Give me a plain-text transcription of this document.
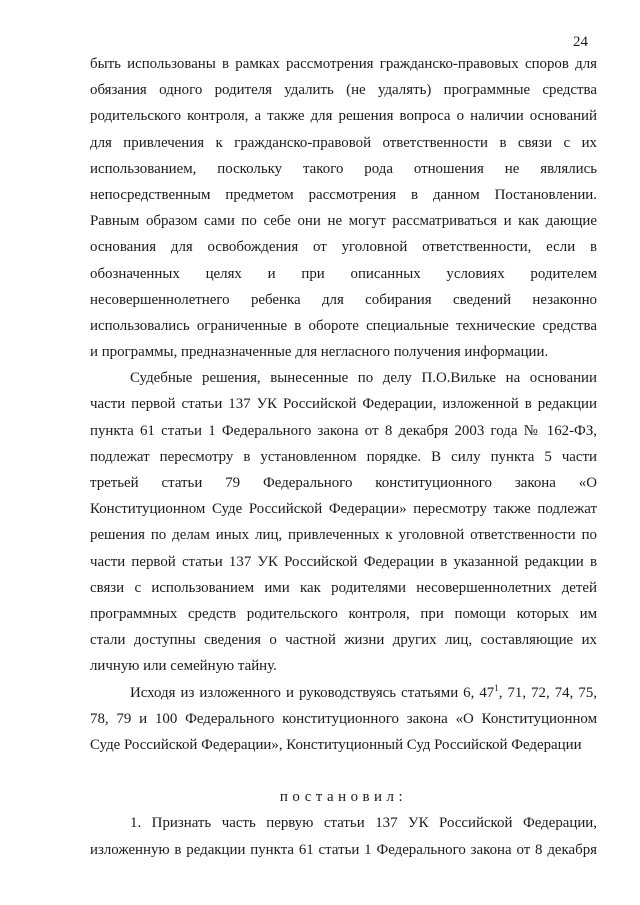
24
быть использованы в рамках рассмотрения гражданско-правовых споров для
обязания одного родителя удалить (не удалять) программные средства
родительского контроля, а также для решения вопроса о наличии оснований
для привлечения к гражданско-правовой ответственности в связи с их
использованием, поскольку такого рода отношения не являлись
непосредственным предметом рассмотрения в данном Постановлении.
Равным образом сами по себе они не могут рассматриваться и как дающие
основания для освобождения от уголовной ответственности, если в
обозначенных целях и при описанных условиях родителем
несовершеннолетнего ребенка для собирания сведений незаконно
использовались ограниченные в обороте специальные технические средства
и программы, предназначенные для негласного получения информации.
Судебные решения, вынесенные по делу П.О.Вильке на основании
части первой статьи 137 УК Российской Федерации, изложенной в редакции
пункта 61 статьи 1 Федерального закона от 8 декабря 2003 года № 162-ФЗ,
подлежат пересмотру в установленном порядке. В силу пункта 5 части
третьей статьи 79 Федерального конституционного закона «О
Конституционном Суде Российской Федерации» пересмотру также подлежат
решения по делам иных лиц, привлеченных к уголовной ответственности по
части первой статьи 137 УК Российской Федерации в указанной редакции в
связи с использованием ими как родителями несовершеннолетних детей
программных средств родительского контроля, при помощи которых им
стали доступны сведения о частной жизни других лиц, составляющие их
личную или семейную тайну.
Исходя из изложенного и руководствуясь статьями 6, $47^1$, 71, 72, 74, 75,
78, 79 и 100 Федерального конституционного закона «О Конституционном
Суде Российской Федерации», Конституционный Суд Российской Федерации
постановил:
1. Признать часть первую статьи 137 УК Российской Федерации,
изложенную в редакции пункта 61 статьи 1 Федерального закона от 8 декабря
